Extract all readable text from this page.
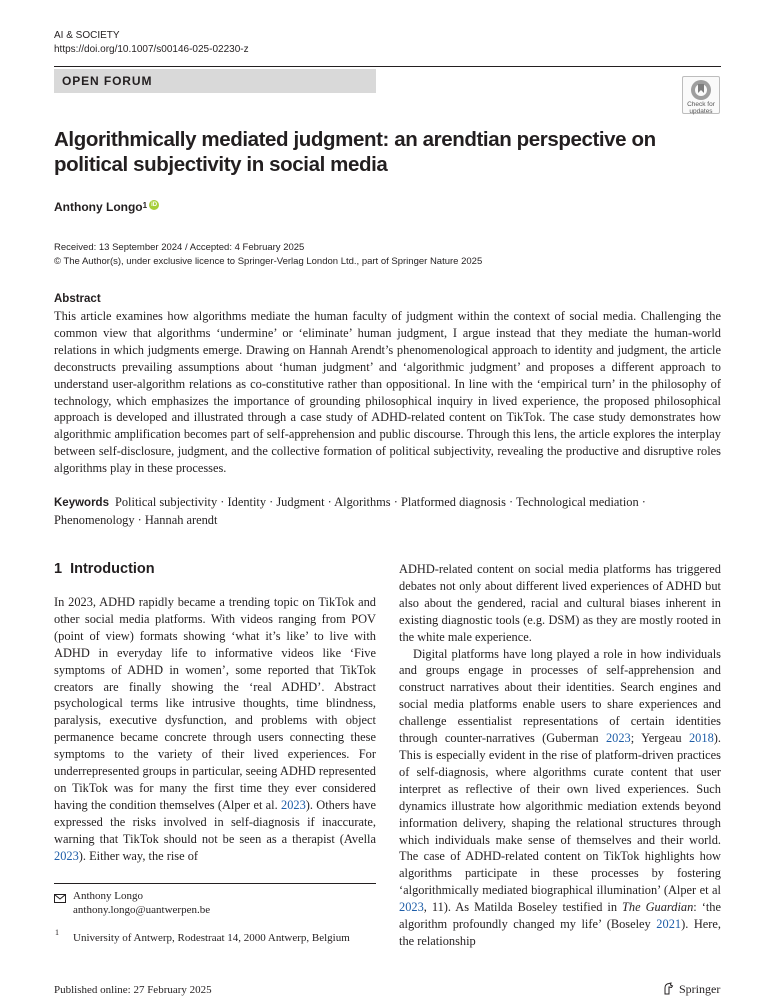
AI & SOCIETY
https://doi.org/10.1007/s00146-025-02230-z
OPEN FORUM
Check for
updates
Algorithmically mediated judgment: an arendtian perspective on political subjectivity in social media
Anthony Longo$^1$ iD
Received: 13 September 2024 / Accepted: 4 February 2025
© The Author(s), under exclusive licence to Springer-Verlag London Ltd., part of Springer Nature 2025
Abstract
This article examines how algorithms mediate the human faculty of judgment within the context of social media. Challenging the common view that algorithms ‘undermine’ or ‘eliminate’ human judgment, I argue instead that they mediate the human-world relations in which judgments emerge. Drawing on Hannah Arendt’s phenomenological approach to identity and judgment, the article deconstructs prevailing assumptions about ‘human judgment’ and ‘algorithmic judgment’ and proposes a different approach to understand user-algorithm relations as co-constitutive rather than oppositional. In line with the ‘empirical turn’ in the philosophy of technology, which emphasizes the importance of grounding philosophical inquiry in lived experience, the proposed philosophical approach is developed and illustrated through a case study of ADHD-related content on TikTok. The case study demonstrates how algorithmic amplification becomes part of self-apprehension and public discourse. Through this lens, the article explores the interplay between self-disclosure, judgment, and the collective formation of political subjectivity, revealing the productive and disruptive roles algorithms play in these processes.
Keywords Political subjectivity · Identity · Judgment · Algorithms · Platformed diagnosis · Technological mediation · Phenomenology · Hannah arendt
1 Introduction

In 2023, ADHD rapidly became a trending topic on TikTok and other social media platforms. With videos ranging from POV (point of view) formats showing ‘what it’s like’ to live with ADHD in everyday life to informative videos like ‘Five symptoms of ADHD in women’, some reported that TikTok creators are finally showing the ‘real ADHD’. Abstract psychological terms like intrusive thoughts, time blindness, paralysis, executive dysfunction, and problems with object permanence became concrete through users connecting these symptoms to the variety of their lived experiences. For underrepresented groups in particular, seeing ADHD represented on TikTok was for many the first time they ever considered having the condition themselves (Alper et al. 2023). Others have expressed the risks involved in self-diagnosis if inaccurate, warning that TikTok should not be seen as a therapist (Avella 2023). Either way, the rise of

ADHD-related content on social media platforms has triggered debates not only about different lived experiences of ADHD but also about the gendered, racial and cultural biases inherent in existing diagnostic tools (e.g. DSM) as they are mostly rooted in the white male experience.

Digital platforms have long played a role in how individuals and groups engage in processes of self-apprehension and construct narratives about their identities. Search engines and social media platforms enable users to share experiences and challenge essentialist representations of certain identities through counter-narratives (Guberman 2023; Yergeau 2018). This is especially evident in the rise of platform-driven practices of self-diagnosis, where algorithms curate content that user interpret as reflective of their own lived experiences. Such dynamics illustrate how algorithmic mediation extends beyond information delivery, shaping the relational structures through which individuals make sense of themselves and their world. The case of ADHD-related content on TikTok highlights how algorithms participate in these processes by fostering ‘algorithmically mediated biographical illumination’ (Alper et al 2023, 11). As Matilda Boseley testified in The Guardian: ‘the algorithm profoundly changed my life’ (Boseley 2021). Here, the relationship

Anthony Longo
anthony.longo@uantwerpen.be
1 University of Antwerp, Rodestraat 14, 2000 Antwerp, Belgium
Published online: 27 February 2025	Springer
